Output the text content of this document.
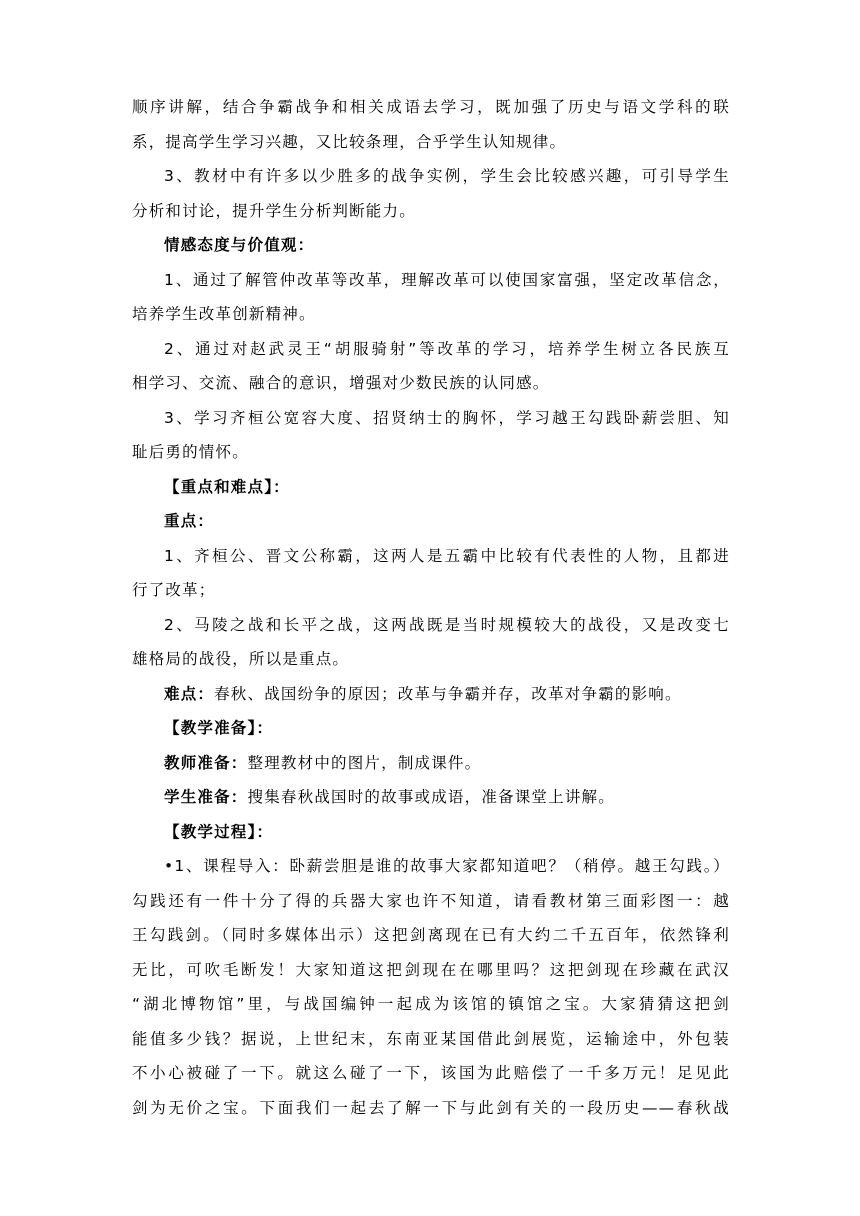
顺序讲解，结合争霸战争和相关成语去学习，既加强了历史与语文学科的联
系，提高学生学习兴趣，又比较条理，合乎学生认知规律。
3、教材中有许多以少胜多的战争实例，学生会比较感兴趣，可引导学生
分析和讨论，提升学生分析判断能力。
情感态度与价值观：
1、通过了解管仲改革等改革，理解改革可以使国家富强，坚定改革信念，
培养学生改革创新精神。
2、通过对赵武灵王“胡服骑射”等改革的学习，培养学生树立各民族互
相学习、交流、融合的意识，增强对少数民族的认同感。
3、学习齐桓公宽容大度、招贤纳士的胸怀，学习越王勾践卧薪尝胆、知
耻后勇的情怀。
【重点和难点】：
重点：
1、齐桓公、晋文公称霸，这两人是五霸中比较有代表性的人物，且都进
行了改革；
2、马陵之战和长平之战，这两战既是当时规模较大的战役，又是改变七
雄格局的战役，所以是重点。
难点：春秋、战国纷争的原因；改革与争霸并存，改革对争霸的影响。
【教学准备】：
教师准备：整理教材中的图片，制成课件。
学生准备：搜集春秋战国时的故事或成语，准备课堂上讲解。
【教学过程】：
•1、课程导入：卧薪尝胆是谁的故事大家都知道吧？（稍停。越王勾践。）
勾践还有一件十分了得的兵器大家也许不知道，请看教材第三面彩图一：越
王勾践剑。（同时多媒体出示）这把剑离现在已有大约二千五百年，依然锋利
无比，可吹毛断发！大家知道这把剑现在在哪里吗？这把剑现在珍藏在武汉
“湖北博物馆”里，与战国编钟一起成为该馆的镇馆之宝。大家猜猜这把剑
能值多少钱？据说，上世纪末，东南亚某国借此剑展览，运输途中，外包装
不小心被碰了一下。就这么碰了一下，该国为此赔偿了一千多万元！足见此
剑为无价之宝。下面我们一起去了解一下与此剑有关的一段历史——春秋战
